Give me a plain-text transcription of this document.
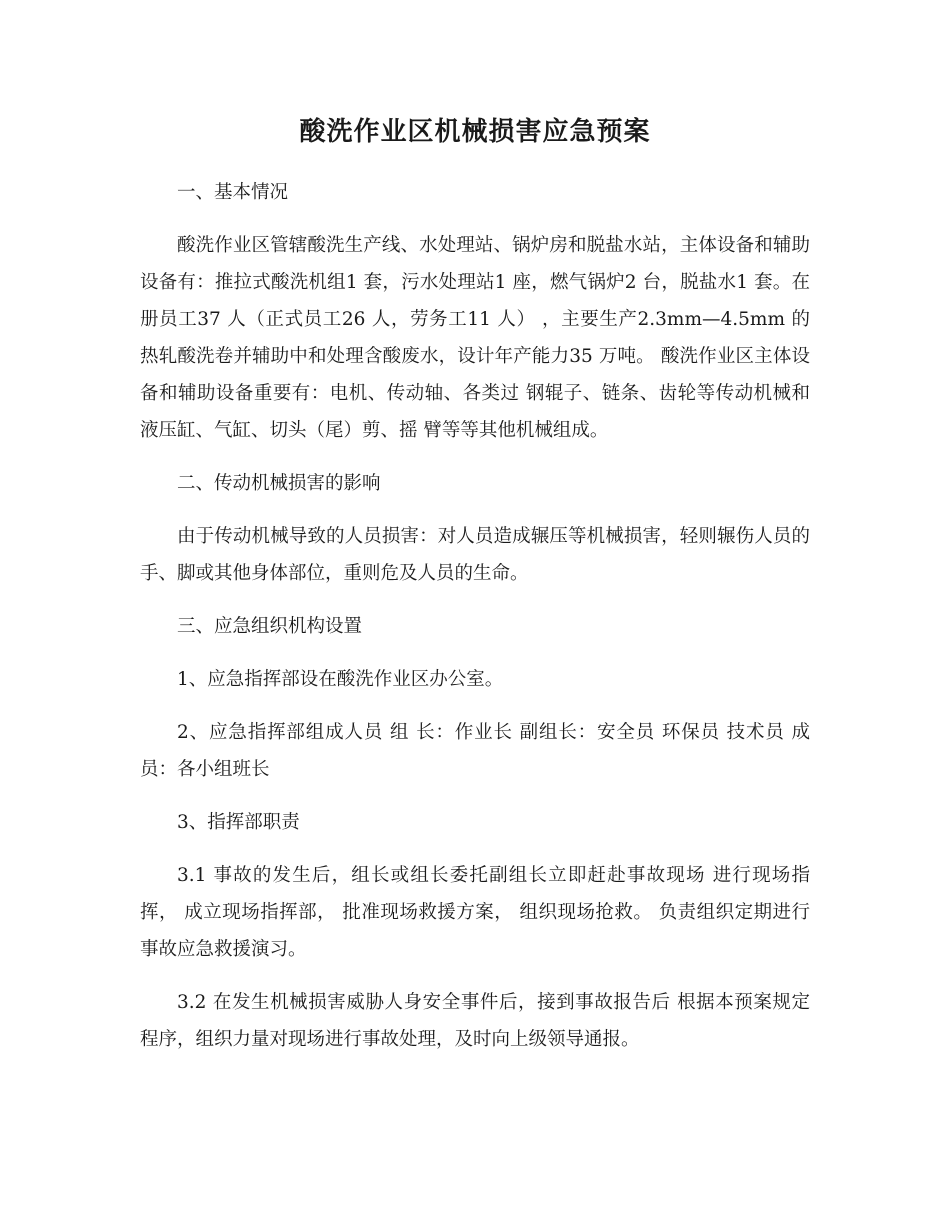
酸洗作业区机械损害应急预案

一、基本情况

酸洗作业区管辖酸洗生产线、水处理站、锅炉房和脱盐水站，主体设备和辅助设备有：推拉式酸洗机组1 套，污水处理站1 座，燃气锅炉2 台，脱盐水1 套。在册员工37 人（正式员工26 人，劳务工11 人） ，主要生产2.3mm—4.5mm 的热轧酸洗卷并辅助中和处理含酸废水，设计年产能力35 万吨。 酸洗作业区主体设备和辅助设备重要有：电机、传动轴、各类过 钢辊子、链条、齿轮等传动机械和液压缸、气缸、切头（尾）剪、摇 臂等等其他机械组成。

二、传动机械损害的影响

由于传动机械导致的人员损害：对人员造成辗压等机械损害，轻则辗伤人员的手、脚或其他身体部位，重则危及人员的生命。

三、应急组织机构设置

1、应急指挥部设在酸洗作业区办公室。

2、应急指挥部组成人员 组 长：作业长 副组长：安全员 环保员 技术员 成 员：各小组班长

3、指挥部职责

3.1 事故的发生后，组长或组长委托副组长立即赶赴事故现场 进行现场指挥， 成立现场指挥部， 批准现场救援方案， 组织现场抢救。 负责组织定期进行事故应急救援演习。

3.2 在发生机械损害威胁人身安全事件后，接到事故报告后 根据本预案规定程序，组织力量对现场进行事故处理，及时向上级领导通报。
